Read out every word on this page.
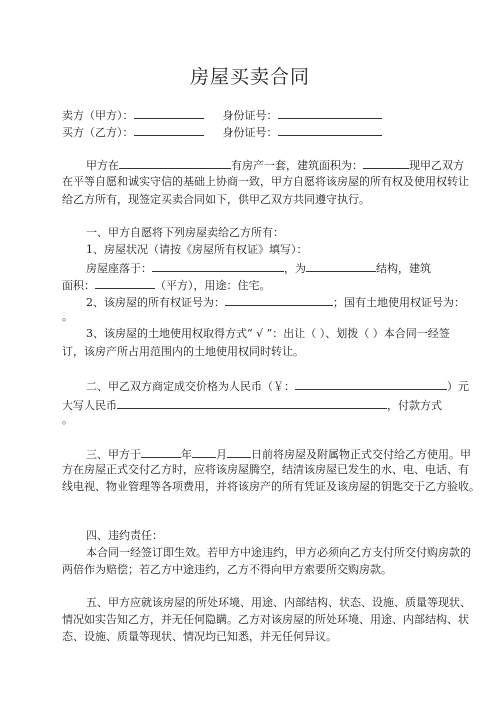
房屋买卖合同
卖方（甲方）：	身份证号：
买方（乙方）：	身份证号：
甲方在	有房产一套，建筑面积为：	现甲乙双方
在平等自愿和诚实守信的基础上协商一致，甲方自愿将该房屋的所有权及使用权转让
给乙方所有，现签定买卖合同如下，供甲乙双方共同遵守执行。
一、甲方自愿将下列房屋卖给乙方所有：
1、房屋状况（请按《房屋所有权证》填写）：
房屋座落于：	，为	结构，建筑
面积：	（平方），用途：住宅。
2、该房屋的所有权证号为：	；国有土地使用权证号为：
。
3、该房屋的土地使用权取得方式“ √ ”：出让（ ）、划拨（ ）本合同一经签
订，该房产所占用范围内的土地使用权同时转让。
二、甲乙双方商定成交价格为人民币（￥：	）元
大写人民币	，付款方式
。
三、甲方于	年 月 日前将房屋及附属物正式交付给乙方使用。甲
方在房屋正式交付乙方时，应将该房屋腾空，结清该房屋已发生的水、电、电话、有
线电视、物业管理等各项费用，并将该房产的所有凭证及该房屋的钥匙交于乙方验收。
四、违约责任：
本合同一经签订即生效。若甲方中途违约，甲方必须向乙方支付所交付购房款的
两倍作为赔偿；若乙方中途违约，乙方不得向甲方索要所交购房款。
五、甲方应就该房屋的所处环境、用途、内部结构、状态、设施、质量等现状、
情况如实告知乙方，并无任何隐瞒。乙方对该房屋的所处环境、用途、内部结构、状
态、设施、质量等现状、情况均已知悉，并无任何异议。
